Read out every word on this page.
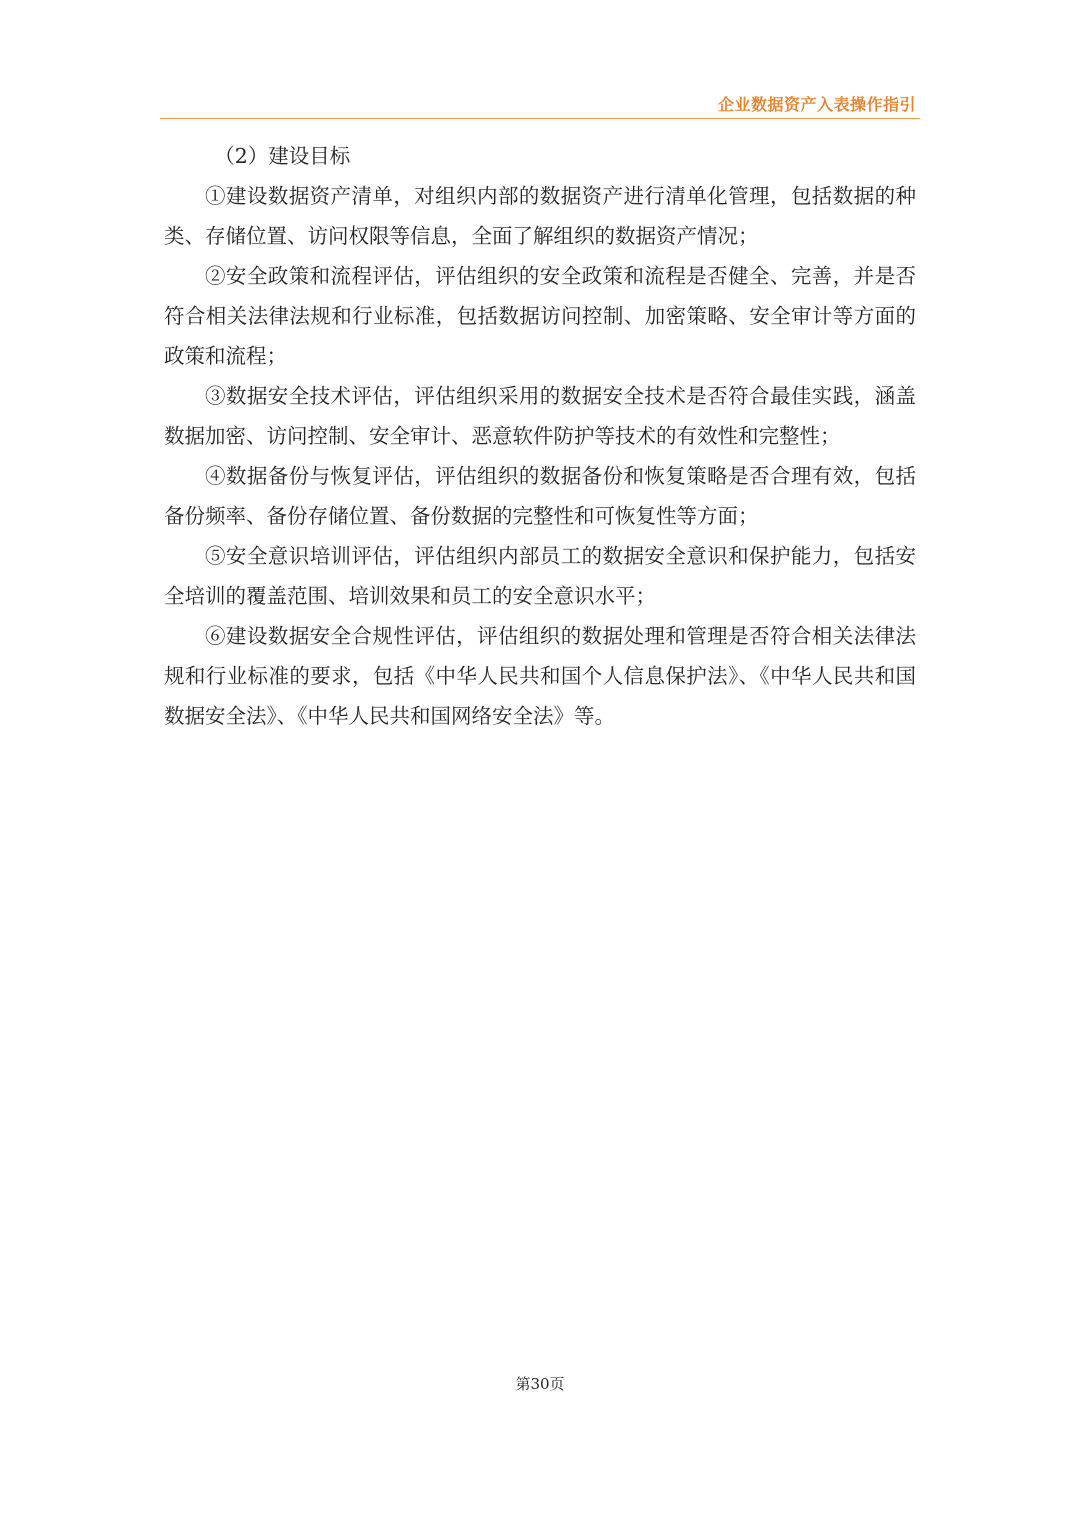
企业数据资产入表操作指引

（2）建设目标

①建设数据资产清单，对组织内部的数据资产进行清单化管理，包括数据的种类、存储位置、访问权限等信息，全面了解组织的数据资产情况；

②安全政策和流程评估，评估组织的安全政策和流程是否健全、完善，并是否符合相关法律法规和行业标准，包括数据访问控制、加密策略、安全审计等方面的政策和流程；

③数据安全技术评估，评估组织采用的数据安全技术是否符合最佳实践，涵盖数据加密、访问控制、安全审计、恶意软件防护等技术的有效性和完整性；

④数据备份与恢复评估，评估组织的数据备份和恢复策略是否合理有效，包括备份频率、备份存储位置、备份数据的完整性和可恢复性等方面；

⑤安全意识培训评估，评估组织内部员工的数据安全意识和保护能力，包括安全培训的覆盖范围、培训效果和员工的安全意识水平；

⑥建设数据安全合规性评估，评估组织的数据处理和管理是否符合相关法律法规和行业标准的要求，包括《中华人民共和国个人信息保护法》、《中华人民共和国数据安全法》、《中华人民共和国网络安全法》等。

第30页
